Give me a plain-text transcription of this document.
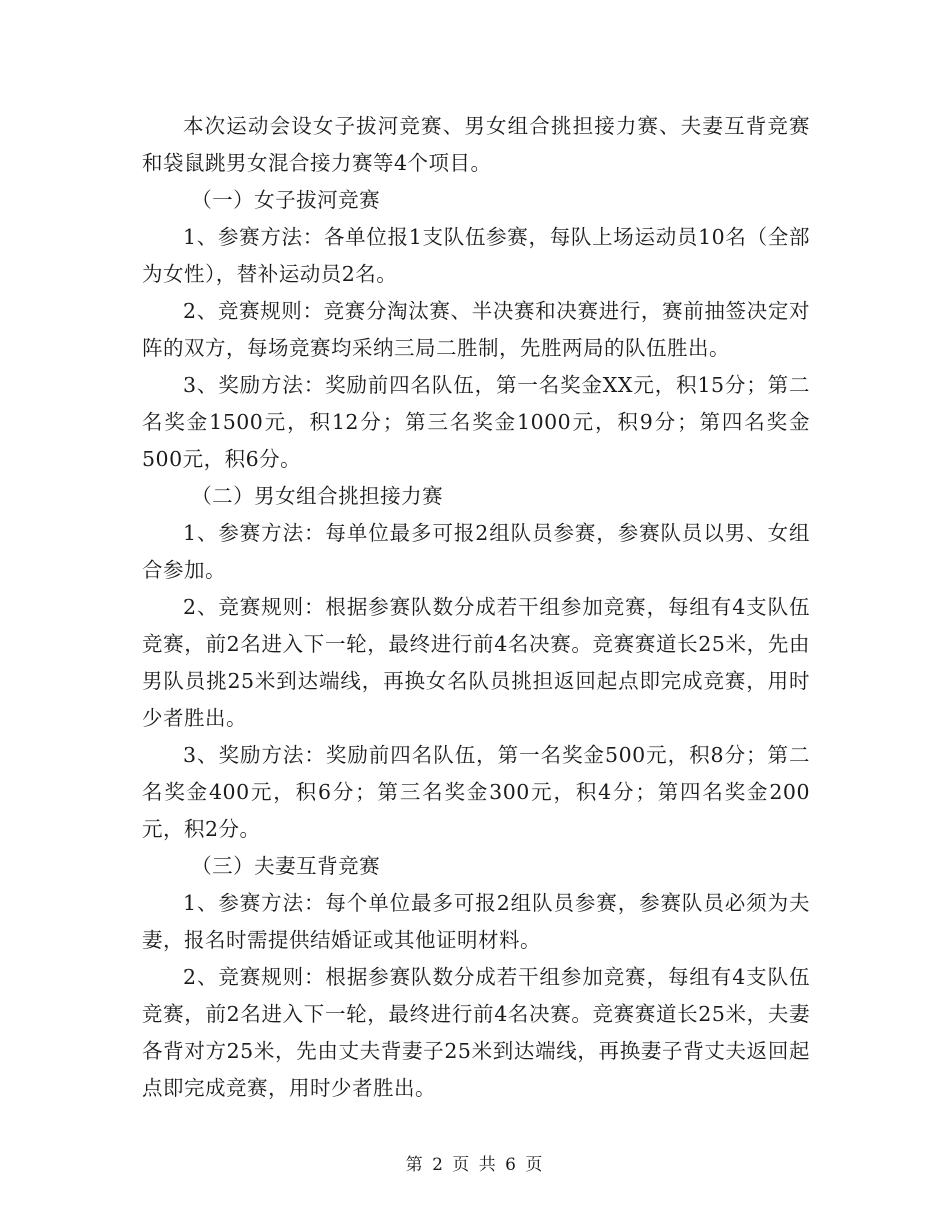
本次运动会设女子拔河竞赛、男女组合挑担接力赛、夫妻互背竞赛和袋鼠跳男女混合接力赛等4个项目。

（一）女子拔河竞赛

1、参赛方法：各单位报1支队伍参赛，每队上场运动员10名（全部为女性），替补运动员2名。

2、竞赛规则：竞赛分淘汰赛、半决赛和决赛进行，赛前抽签决定对阵的双方，每场竞赛均采纳三局二胜制，先胜两局的队伍胜出。

3、奖励方法：奖励前四名队伍，第一名奖金XX元，积15分；第二名奖金1500元，积12分；第三名奖金1000元，积9分；第四名奖金500元，积6分。

（二）男女组合挑担接力赛

1、参赛方法：每单位最多可报2组队员参赛，参赛队员以男、女组合参加。

2、竞赛规则：根据参赛队数分成若干组参加竞赛，每组有4支队伍竞赛，前2名进入下一轮，最终进行前4名决赛。竞赛赛道长25米，先由男队员挑25米到达端线，再换女名队员挑担返回起点即完成竞赛，用时少者胜出。

3、奖励方法：奖励前四名队伍，第一名奖金500元，积8分；第二名奖金400元，积6分；第三名奖金300元，积4分；第四名奖金200元，积2分。

（三）夫妻互背竞赛

1、参赛方法：每个单位最多可报2组队员参赛，参赛队员必须为夫妻，报名时需提供结婚证或其他证明材料。

2、竞赛规则：根据参赛队数分成若干组参加竞赛，每组有4支队伍竞赛，前2名进入下一轮，最终进行前4名决赛。竞赛赛道长25米，夫妻各背对方25米，先由丈夫背妻子25米到达端线，再换妻子背丈夫返回起点即完成竞赛，用时少者胜出。

第 2 页 共 6 页
